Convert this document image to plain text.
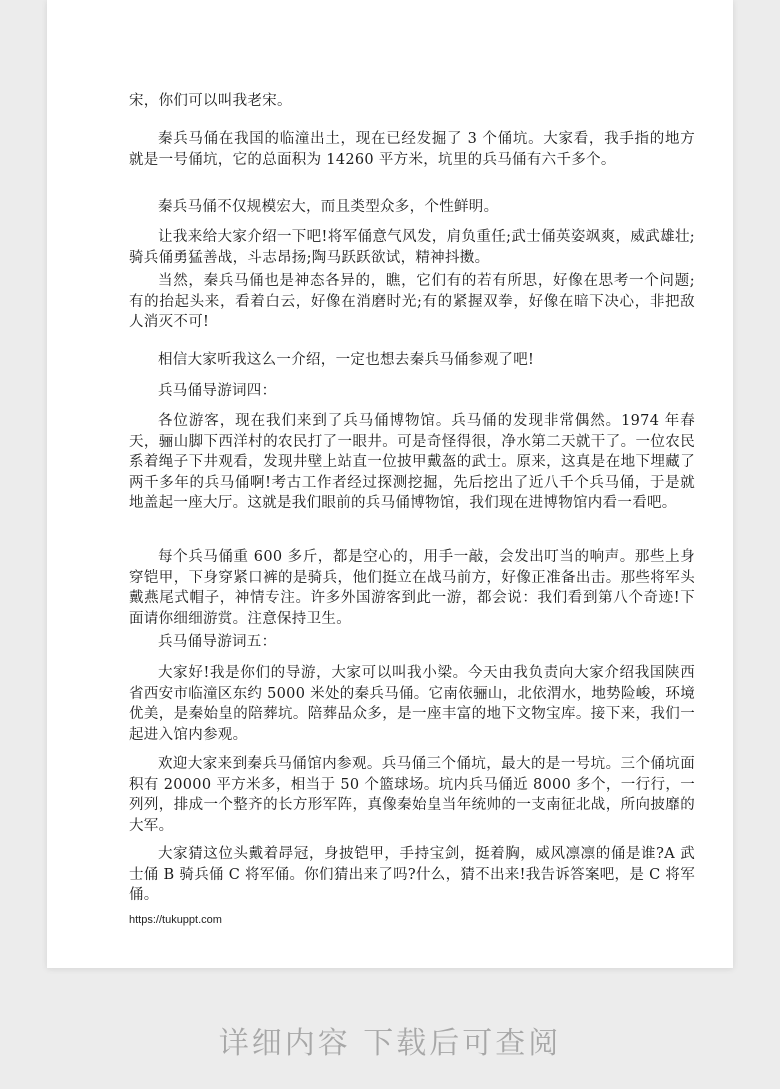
宋，你们可以叫我老宋。

秦兵马俑在我国的临潼出土，现在已经发掘了 3 个俑坑。大家看，我手指的地方就是一号俑坑，它的总面积为 14260 平方米，坑里的兵马俑有六千多个。

秦兵马俑不仅规模宏大，而且类型众多，个性鲜明。

让我来给大家介绍一下吧!将军俑意气风发，肩负重任;武士俑英姿飒爽，威武雄壮;骑兵俑勇猛善战，斗志昂扬;陶马跃跃欲试，精神抖擞。

当然，秦兵马俑也是神态各异的，瞧，它们有的若有所思，好像在思考一个问题;有的抬起头来，看着白云，好像在消磨时光;有的紧握双拳，好像在暗下决心，非把敌人消灭不可!

相信大家听我这么一介绍，一定也想去秦兵马俑参观了吧!

兵马俑导游词四：

各位游客，现在我们来到了兵马俑博物馆。兵马俑的发现非常偶然。1974 年春天，骊山脚下西洋村的农民打了一眼井。可是奇怪得很，净水第二天就干了。一位农民系着绳子下井观看，发现井壁上站直一位披甲戴盔的武士。原来，这真是在地下埋藏了两千多年的兵马俑啊!考古工作者经过探测挖掘，先后挖出了近八千个兵马俑，于是就地盖起一座大厅。这就是我们眼前的兵马俑博物馆，我们现在进博物馆内看一看吧。

每个兵马俑重 600 多斤，都是空心的，用手一敲，会发出叮当的响声。那些上身穿铠甲，下身穿紧口裤的是骑兵，他们挺立在战马前方，好像正准备出击。那些将军头戴燕尾式帽子，神情专注。许多外国游客到此一游，都会说：我们看到第八个奇迹!下面请你细细游赏。注意保持卫生。

兵马俑导游词五：

大家好!我是你们的导游，大家可以叫我小梁。今天由我负责向大家介绍我国陕西省西安市临潼区东约 5000 米处的秦兵马俑。它南依骊山，北依渭水，地势险峻，环境优美，是秦始皇的陪葬坑。陪葬品众多，是一座丰富的地下文物宝库。接下来，我们一起进入馆内参观。

欢迎大家来到秦兵马俑馆内参观。兵马俑三个俑坑，最大的是一号坑。三个俑坑面积有 20000 平方米多，相当于 50 个篮球场。坑内兵马俑近 8000 多个，一行行，一列列，排成一个整齐的长方形军阵，真像秦始皇当年统帅的一支南征北战，所向披靡的大军。

大家猜这位头戴着冔冠，身披铠甲，手持宝剑，挺着胸，威风凛凛的俑是谁?A 武士俑 B 骑兵俑 C 将军俑。你们猜出来了吗?什么，猜不出来!我告诉答案吧，是 C 将军俑。

https://tukuppt.com
详细内容 下载后可查阅
